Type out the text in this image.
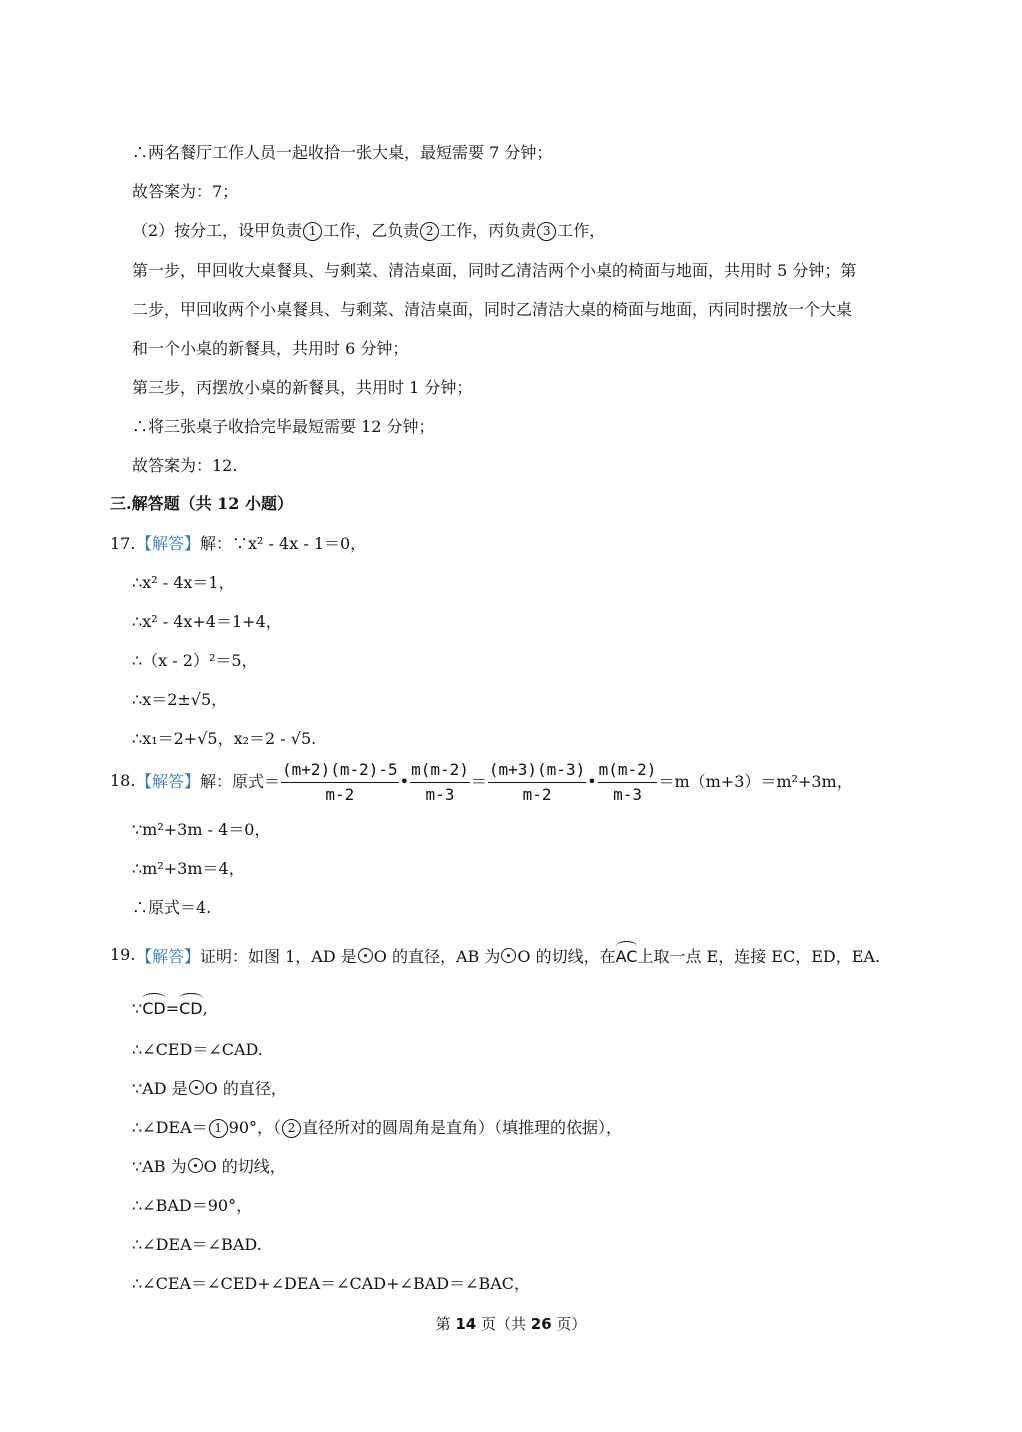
∴两名餐厅工作人员一起收拾一张大桌，最短需要 7 分钟；
故答案为：7；
（2）按分工，设甲负责 1 工作，乙负责 2 工作，丙负责 3 工作，
第一步，甲回收大桌餐具、与剩菜、清洁桌面，同时乙清洁两个小桌的椅面与地面，共用时 5 分钟；第
二步，甲回收两个小桌餐具、与剩菜、清洁桌面，同时乙清洁大桌的椅面与地面，丙同时摆放一个大桌
和一个小桌的新餐具，共用时 6 分钟；
第三步，丙摆放小桌的新餐具，共用时 1 分钟；
∴将三张桌子收拾完毕最短需要 12 分钟；
故答案为：12.
三.解答题（共 12 小题）
17. 【解答】解：∵x² - 4x - 1＝0，
∴x² - 4x＝1，
∴x² - 4x+4＝1+4，
∴（x - 2）²＝5，
∴x＝2±√5，
∴x₁＝2+√5，x₂＝2 - √5.
18. 【解答】 解：原式＝ $\frac{(m+2)(m-2)-5}{m-2}$ • $\frac{m(m-2)}{m-3} = \frac{(m+3)(m-3)}{m-2}$ • $\frac{m(m-2)}{m-3} =m(m+3)=m^2+3m$，
∵m²+3m - 4＝0，
∴m²+3m＝4，
∴原式＝4.
19. 【解答】证明：如图 1，AD 是 O 的直径，AB 为 O 的切线，在AC上取一点 E，连接 EC，ED，EA.
∵CD=CD,
∴∠CED＝∠CAD.
∵AD 是 O 的直径，
∴∠DEA＝ 1 90°，（ 2 直径所对的圆周角是直角）（填推理的依据），
∵AB 为 O 的切线，
∴∠BAD＝90°，
∴∠DEA＝∠BAD.
∴∠CEA＝∠CED+∠DEA＝∠CAD+∠BAD＝∠BAC，
第 14 页（共 26 页）
